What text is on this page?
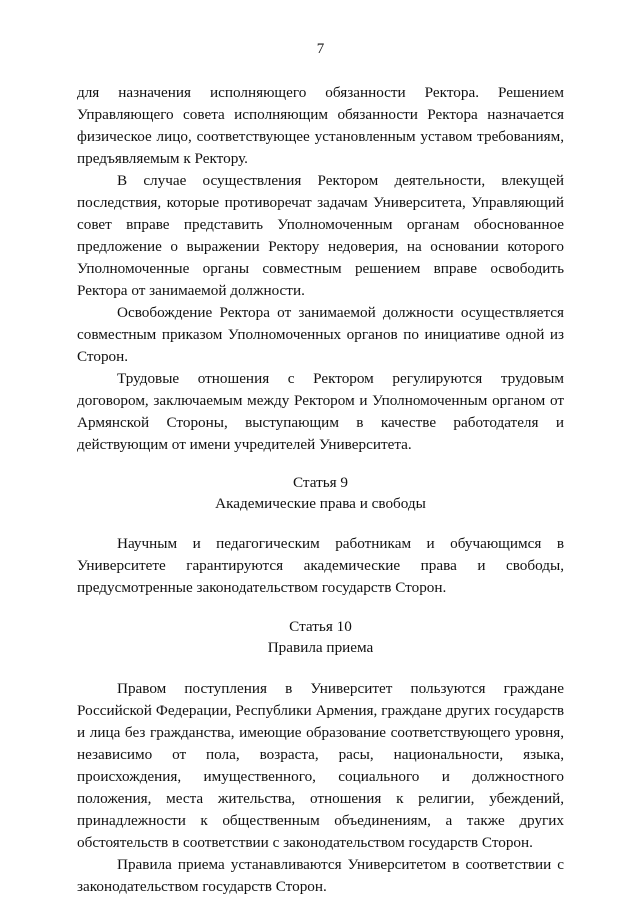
7

для назначения исполняющего обязанности Ректора. Решением Управляющего совета исполняющим обязанности Ректора назначается физическое лицо, соответствующее установленным уставом требованиям, предъявляемым к Ректору.

В случае осуществления Ректором деятельности, влекущей последствия, которые противоречат задачам Университета, Управляющий совет вправе представить Уполномоченным органам обоснованное предложение о выражении Ректору недоверия, на основании которого Уполномоченные органы совместным решением вправе освободить Ректора от занимаемой должности.

Освобождение Ректора от занимаемой должности осуществляется совместным приказом Уполномоченных органов по инициативе одной из Сторон.

Трудовые отношения с Ректором регулируются трудовым договором, заключаемым между Ректором и Уполномоченным органом от Армянской Стороны, выступающим в качестве работодателя и действующим от имени учредителей Университета.

Статья 9
Академические права и свободы

Научным и педагогическим работникам и обучающимся в Университете гарантируются академические права и свободы, предусмотренные законодательством государств Сторон.

Статья 10
Правила приема

Правом поступления в Университет пользуются граждане Российской Федерации, Республики Армения, граждане других государств и лица без гражданства, имеющие образование соответствующего уровня, независимо от пола, возраста, расы, национальности, языка, происхождения, имущественного, социального и должностного положения, места жительства, отношения к религии, убеждений, принадлежности к общественным объединениям, а также других обстоятельств в соответствии с законодательством государств Сторон.

Правила приема устанавливаются Университетом в соответствии с законодательством государств Сторон.
